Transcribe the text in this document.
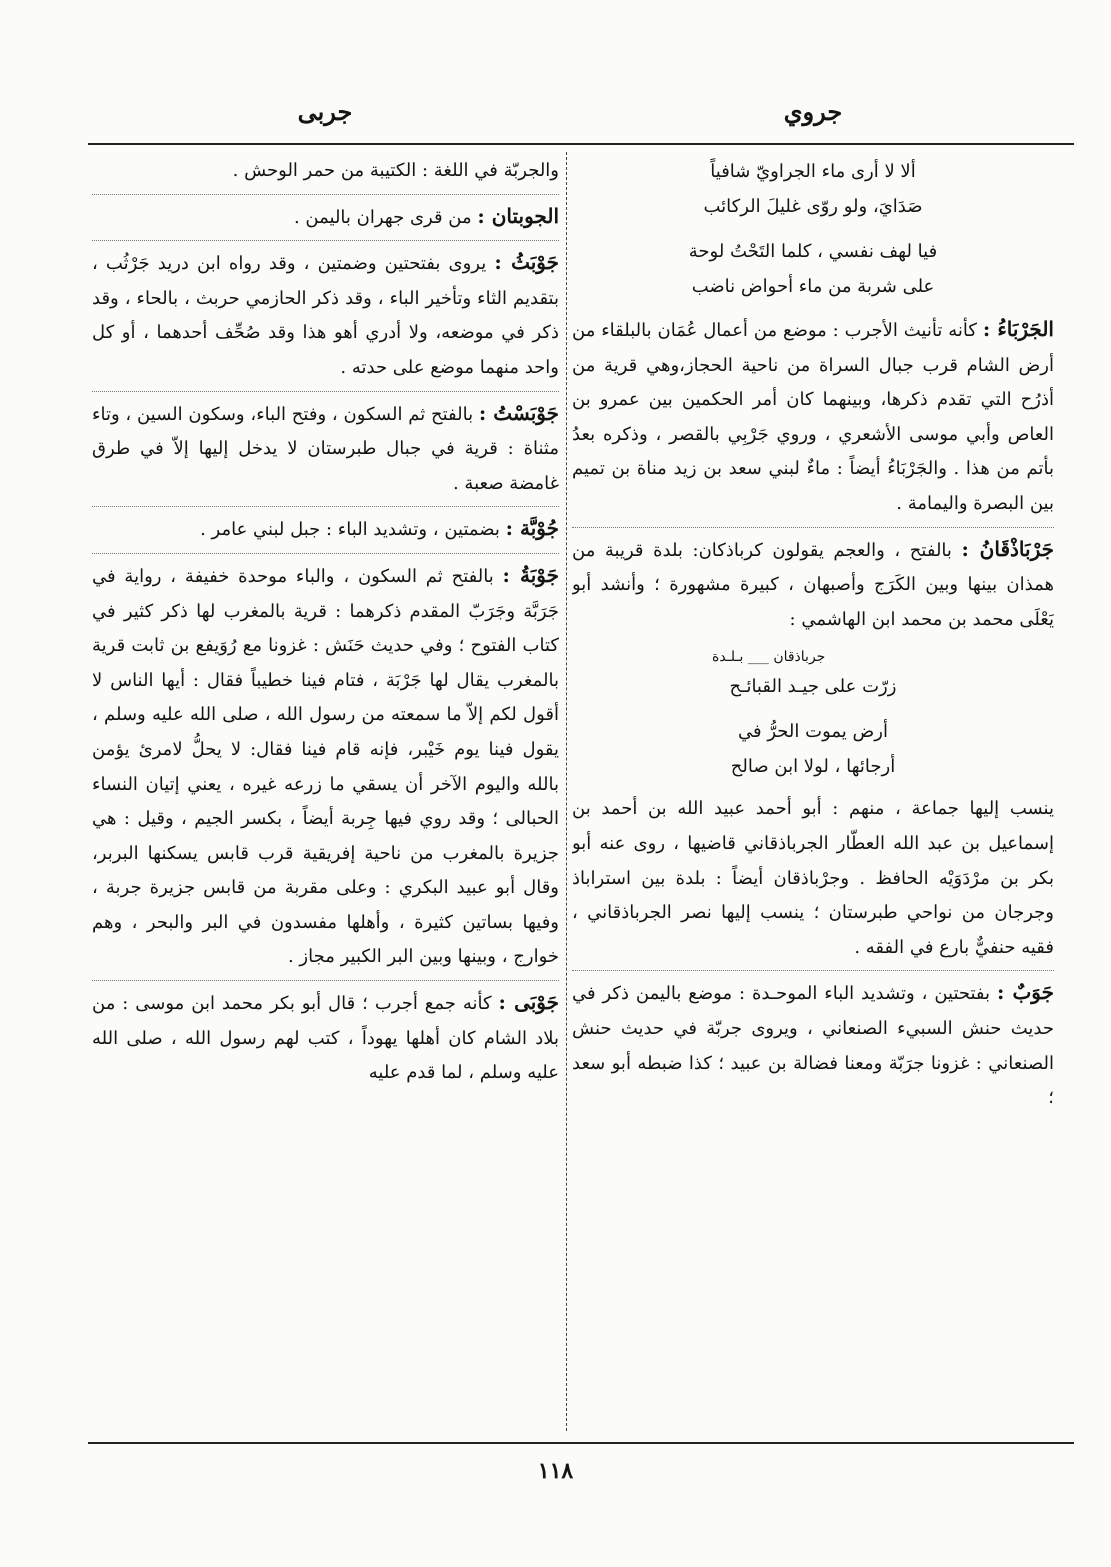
جروي
جربى
ألا لا أرى ماء الجراويّ شافياً
صَدَايَ، ولو روّى غليلَ الركائب
فيا لهف نفسي ، كلما التَحْتُ لوحة
على شربة من ماء أحواض ناضب

الجَرْبَاءُ : كأنه تأنيث الأجرب : موضع من أعمال عُمَان بالبلقاء من أرض الشام قرب جبال السراة من ناحية الحجاز،وهي قرية من أذرُح التي تقدم ذكرها، وبينهما كان أمر الحكمين بين عمرو بن العاص وأبي موسى الأشعري ، وروي جَرْبِي بالقصر ، وذكره بعدُ بأتم من هذا . والجَرْبَاءُ أيضاً : ماءٌ لبني سعد بن زيد مناة بن تميم بين البصرة واليمامة .

جَرْبَاذْقَانُ : بالفتح ، والعجم يقولون كرباذكان: بلدة قريبة من همذان بينها وبين الكَرَج وأصبهان ، كبيرة مشهورة ؛ وأنشد أبو يَعْلَى محمد بن محمد ابن الهاشمي :

جرباذقان ___ بـلـدة
زرّت على جيـد القبائـح
أرض يموت الحرُّ في
أرجائها ، لولا ابن صالح

ينسب إليها جماعة ، منهم : أبو أحمد عبيد الله بن أحمد بن إسماعيل بن عبد الله العطّار الجرباذقاني قاضيها ، روى عنه أبو بكر بن مرْدَوَيْه الحافظ . وجرْباذقان أيضاً : بلدة بين استراباذ وجرجان من نواحي طبرستان ؛ ينسب إليها نصر الجرباذقاني ، فقيه حنفيٌّ بارع في الفقه .

جَوَبٌ : بفتحتين ، وتشديد الباء الموحـدة : موضع باليمن ذكر في حديث حنش السبيء الصنعاني ، ويروى جربّة في حديث حنش الصنعاني : غزونا جرَبّة ومعنا فضالة بن عبيد ؛ كذا ضبطه أبو سعد ؛

والجربّة في اللغة : الكتيبة من حمر الوحش .

الجوبتان : من قرى جهران باليمن .

جَوْبَثُ : يروى بفتحتين وضمتين ، وقد رواه ابن دريد جَرْثُب ، بتقديم الثاء وتأخير الباء ، وقد ذكر الحازمي حربث ، بالحاء ، وقد ذكر في موضعه، ولا أدري أهو هذا وقد صُحِّف أحدهما ، أو كل واحد منهما موضع على حدته .

جَوْبَسْتُ : بالفتح ثم السكون ، وفتح الباء، وسكون السين ، وتاء مثناة : قرية في جبال طبرستان لا يدخل إليها إلاّ في طرق غامضة صعبة .

جُوْبَّة : بضمتين ، وتشديد الباء : جبل لبني عامر .

جَوْبَةُ : بالفتح ثم السكون ، والباء موحدة خفيفة ، رواية في جَرَبَّة وجَرَبّ المقدم ذكرهما : قرية بالمغرب لها ذكر كثير في كتاب الفتوح ؛ وفي حديث حَنَش : غزونا مع رُوَيفع بن ثابت قرية بالمغرب يقال لها جَرْبَة ، فتام فينا خطيباً فقال : أيها الناس لا أقول لكم إلاّ ما سمعته من رسول الله ، صلى الله عليه وسلم ، يقول فينا يوم خَيْبر، فإنه قام فينا فقال: لا يحلُّ لامرئ يؤمن بالله واليوم الآخر أن يسقي ما زرعه غيره ، يعني إتيان النساء الحبالى ؛ وقد روي فيها جِربة أيضاً ، بكسر الجيم ، وقيل : هي جزيرة بالمغرب من ناحية إفريقية قرب قابس يسكنها البربر، وقال أبو عبيد البكري : وعلى مقربة من قابس جزيرة جربة ، وفيها بساتين كثيرة ، وأهلها مفسدون في البر والبحر ، وهم خوارج ، وبينها وبين البر الكبير مجاز .

جَوْبَى : كأنه جمع أجرب ؛ قال أبو بكر محمد ابن موسى : من بلاد الشام كان أهلها يهوداً ، كتب لهم رسول الله ، صلى الله عليه وسلم ، لما قدم عليه

١١٨
